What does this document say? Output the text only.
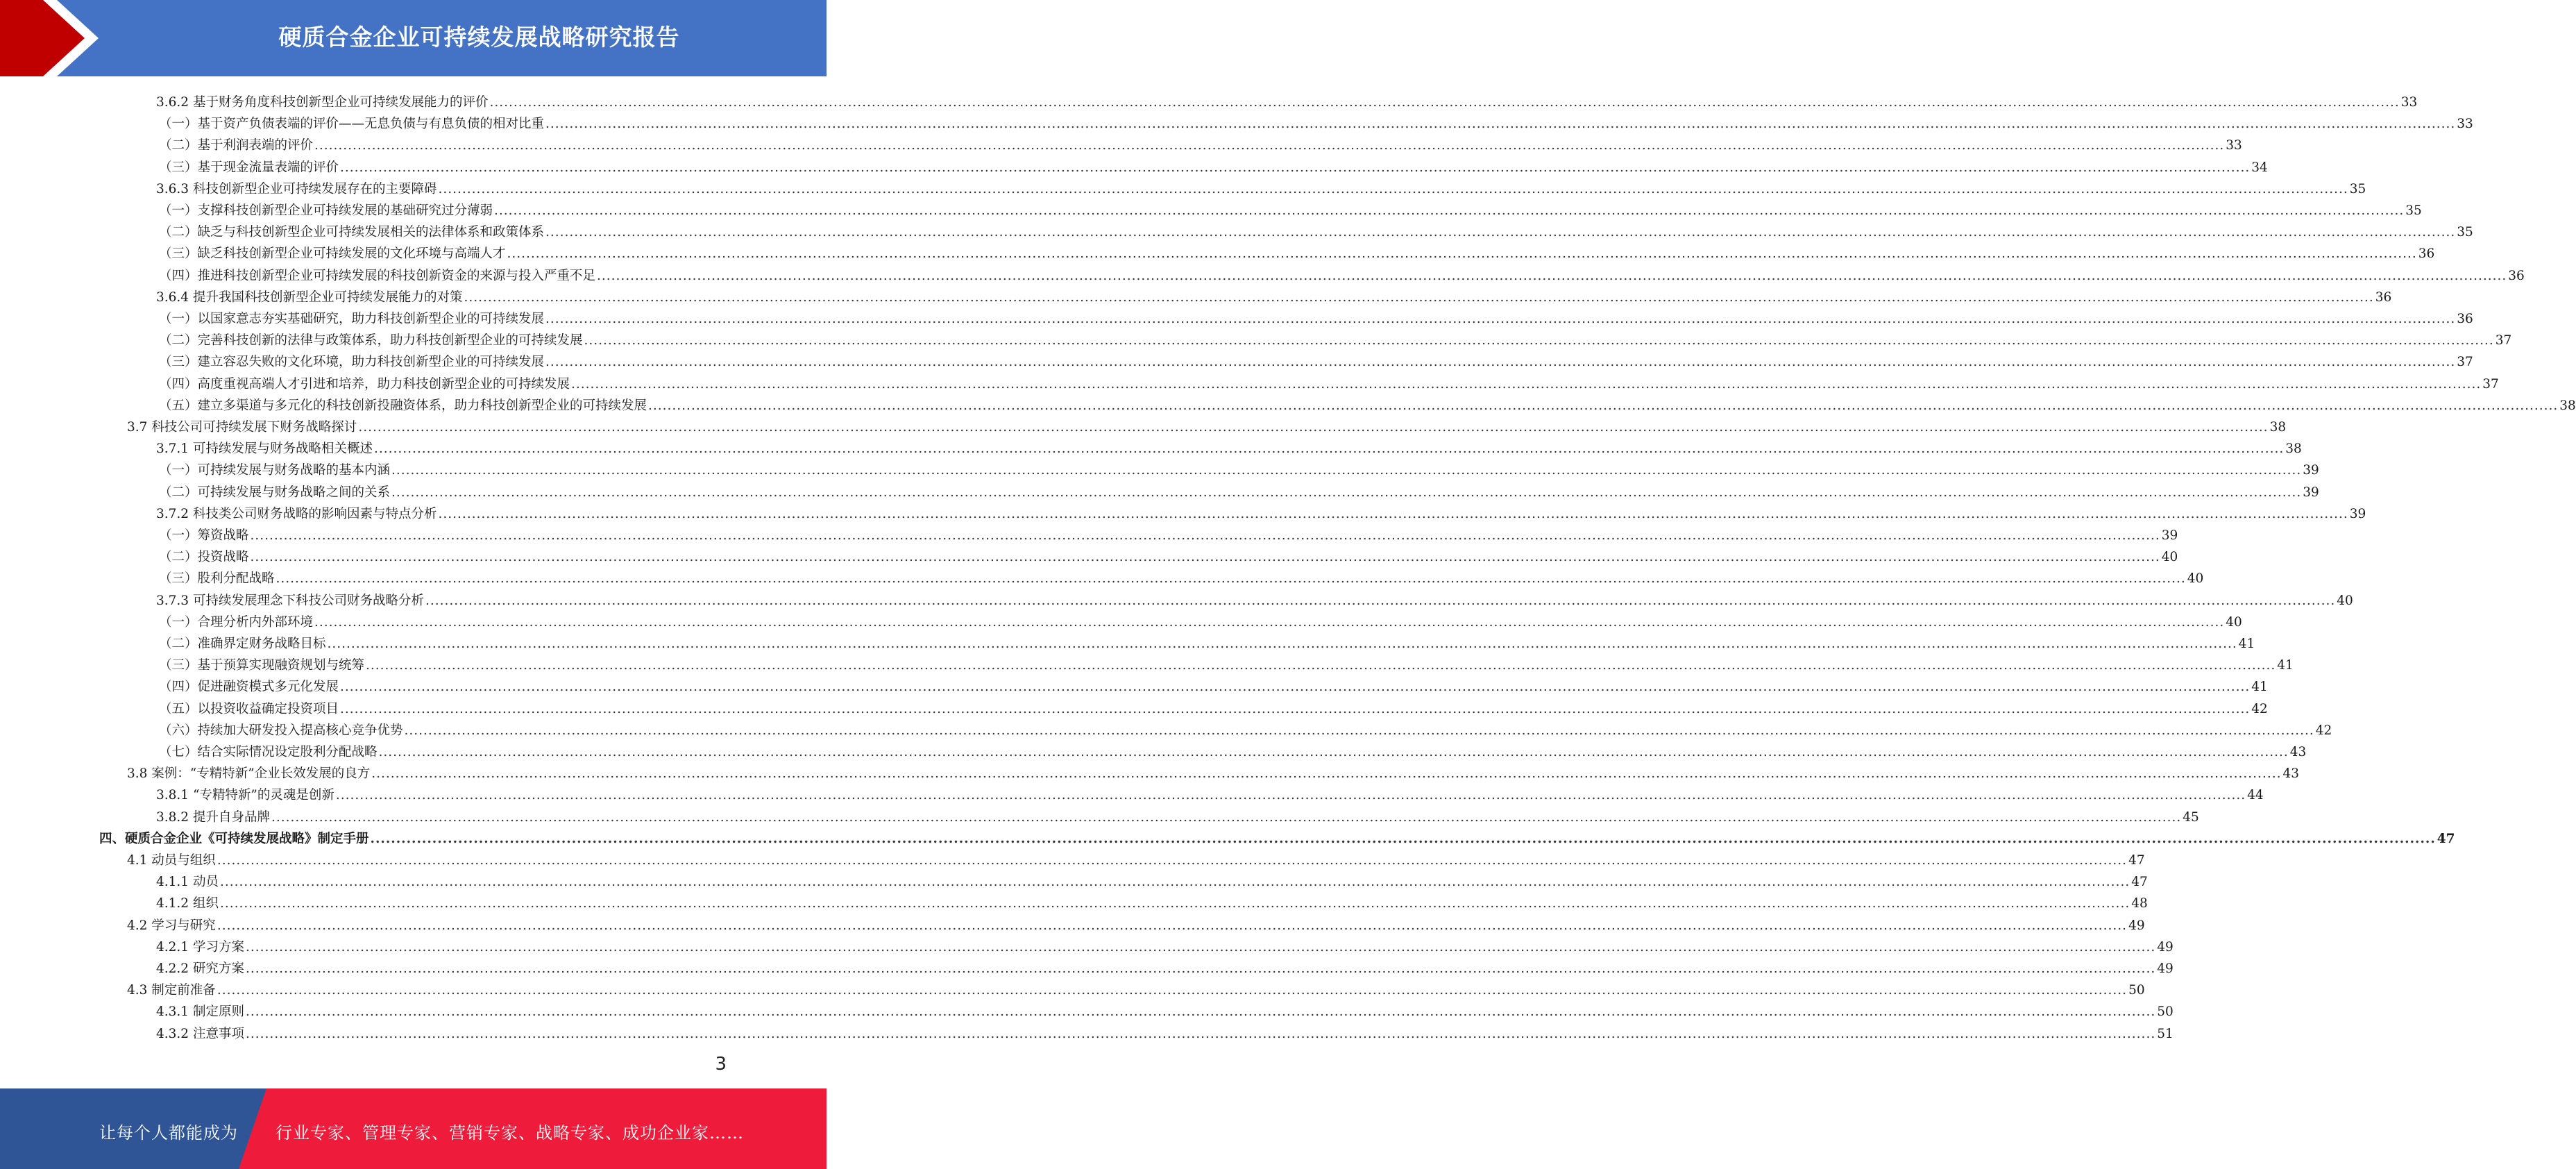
硬质合金企业可持续发展战略研究报告
3.6.2 基于财务角度科技创新型企业可持续发展能力的评价 ................................................................................................................................................................................................................................................................................................................................................................................................................ 33
（一）基于资产负债表端的评价——无息负债与有息负债的相对比重 ................................................................................................................................................................................................................................................................................................................................................................................................................ 33
（二）基于利润表端的评价 ................................................................................................................................................................................................................................................................................................................................................................................................................ 33
（三）基于现金流量表端的评价 ................................................................................................................................................................................................................................................................................................................................................................................................................ 34
3.6.3 科技创新型企业可持续发展存在的主要障碍 ................................................................................................................................................................................................................................................................................................................................................................................................................ 35
（一）支撑科技创新型企业可持续发展的基础研究过分薄弱 ................................................................................................................................................................................................................................................................................................................................................................................................................ 35
（二）缺乏与科技创新型企业可持续发展相关的法律体系和政策体系 ................................................................................................................................................................................................................................................................................................................................................................................................................ 35
（三）缺乏科技创新型企业可持续发展的文化环境与高端人才 ................................................................................................................................................................................................................................................................................................................................................................................................................ 36
（四）推进科技创新型企业可持续发展的科技创新资金的来源与投入严重不足 ................................................................................................................................................................................................................................................................................................................................................................................................................ 36
3.6.4 提升我国科技创新型企业可持续发展能力的对策 ................................................................................................................................................................................................................................................................................................................................................................................................................ 36
（一）以国家意志夯实基础研究，助力科技创新型企业的可持续发展 ................................................................................................................................................................................................................................................................................................................................................................................................................ 36
（二）完善科技创新的法律与政策体系，助力科技创新型企业的可持续发展 ................................................................................................................................................................................................................................................................................................................................................................................................................ 37
（三）建立容忍失败的文化环境，助力科技创新型企业的可持续发展 ................................................................................................................................................................................................................................................................................................................................................................................................................ 37
（四）高度重视高端人才引进和培养，助力科技创新型企业的可持续发展 ................................................................................................................................................................................................................................................................................................................................................................................................................ 37
（五）建立多渠道与多元化的科技创新投融资体系，助力科技创新型企业的可持续发展 ................................................................................................................................................................................................................................................................................................................................................................................................................ 38
3.7 科技公司可持续发展下财务战略探讨 ................................................................................................................................................................................................................................................................................................................................................................................................................ 38
3.7.1 可持续发展与财务战略相关概述 ................................................................................................................................................................................................................................................................................................................................................................................................................ 38
（一）可持续发展与财务战略的基本内涵 ................................................................................................................................................................................................................................................................................................................................................................................................................ 39
（二）可持续发展与财务战略之间的关系 ................................................................................................................................................................................................................................................................................................................................................................................................................ 39
3.7.2 科技类公司财务战略的影响因素与特点分析 ................................................................................................................................................................................................................................................................................................................................................................................................................ 39
（一）筹资战略 ................................................................................................................................................................................................................................................................................................................................................................................................................ 39
（二）投资战略 ................................................................................................................................................................................................................................................................................................................................................................................................................ 40
（三）股利分配战略 ................................................................................................................................................................................................................................................................................................................................................................................................................ 40
3.7.3 可持续发展理念下科技公司财务战略分析 ................................................................................................................................................................................................................................................................................................................................................................................................................ 40
（一）合理分析内外部环境 ................................................................................................................................................................................................................................................................................................................................................................................................................ 40
（二）准确界定财务战略目标 ................................................................................................................................................................................................................................................................................................................................................................................................................ 41
（三）基于预算实现融资规划与统筹 ................................................................................................................................................................................................................................................................................................................................................................................................................ 41
（四）促进融资模式多元化发展 ................................................................................................................................................................................................................................................................................................................................................................................................................ 41
（五）以投资收益确定投资项目 ................................................................................................................................................................................................................................................................................................................................................................................................................ 42
（六）持续加大研发投入提高核心竞争优势 ................................................................................................................................................................................................................................................................................................................................................................................................................ 42
（七）结合实际情况设定股利分配战略 ................................................................................................................................................................................................................................................................................................................................................................................................................ 43
3.8 案例：“专精特新”企业长效发展的良方 ................................................................................................................................................................................................................................................................................................................................................................................................................ 43
3.8.1 “专精特新”的灵魂是创新 ................................................................................................................................................................................................................................................................................................................................................................................................................ 44
3.8.2 提升自身品牌 ................................................................................................................................................................................................................................................................................................................................................................................................................ 45
四、硬质合金企业《可持续发展战略》制定手册 ................................................................................................................................................................................................................................................................................................................................................................................................................ 47
4.1 动员与组织 ................................................................................................................................................................................................................................................................................................................................................................................................................ 47
4.1.1 动员 ................................................................................................................................................................................................................................................................................................................................................................................................................ 47
4.1.2 组织 ................................................................................................................................................................................................................................................................................................................................................................................................................ 48
4.2 学习与研究 ................................................................................................................................................................................................................................................................................................................................................................................................................ 49
4.2.1 学习方案 ................................................................................................................................................................................................................................................................................................................................................................................................................ 49
4.2.2 研究方案 ................................................................................................................................................................................................................................................................................................................................................................................................................ 49
4.3 制定前准备 ................................................................................................................................................................................................................................................................................................................................................................................................................ 50
4.3.1 制定原则 ................................................................................................................................................................................................................................................................................................................................................................................................................ 50
4.3.2 注意事项 ................................................................................................................................................................................................................................................................................................................................................................................................................ 51
3
让每个人都能成为 行业专家、管理专家、营销专家、战略专家、成功企业家……
